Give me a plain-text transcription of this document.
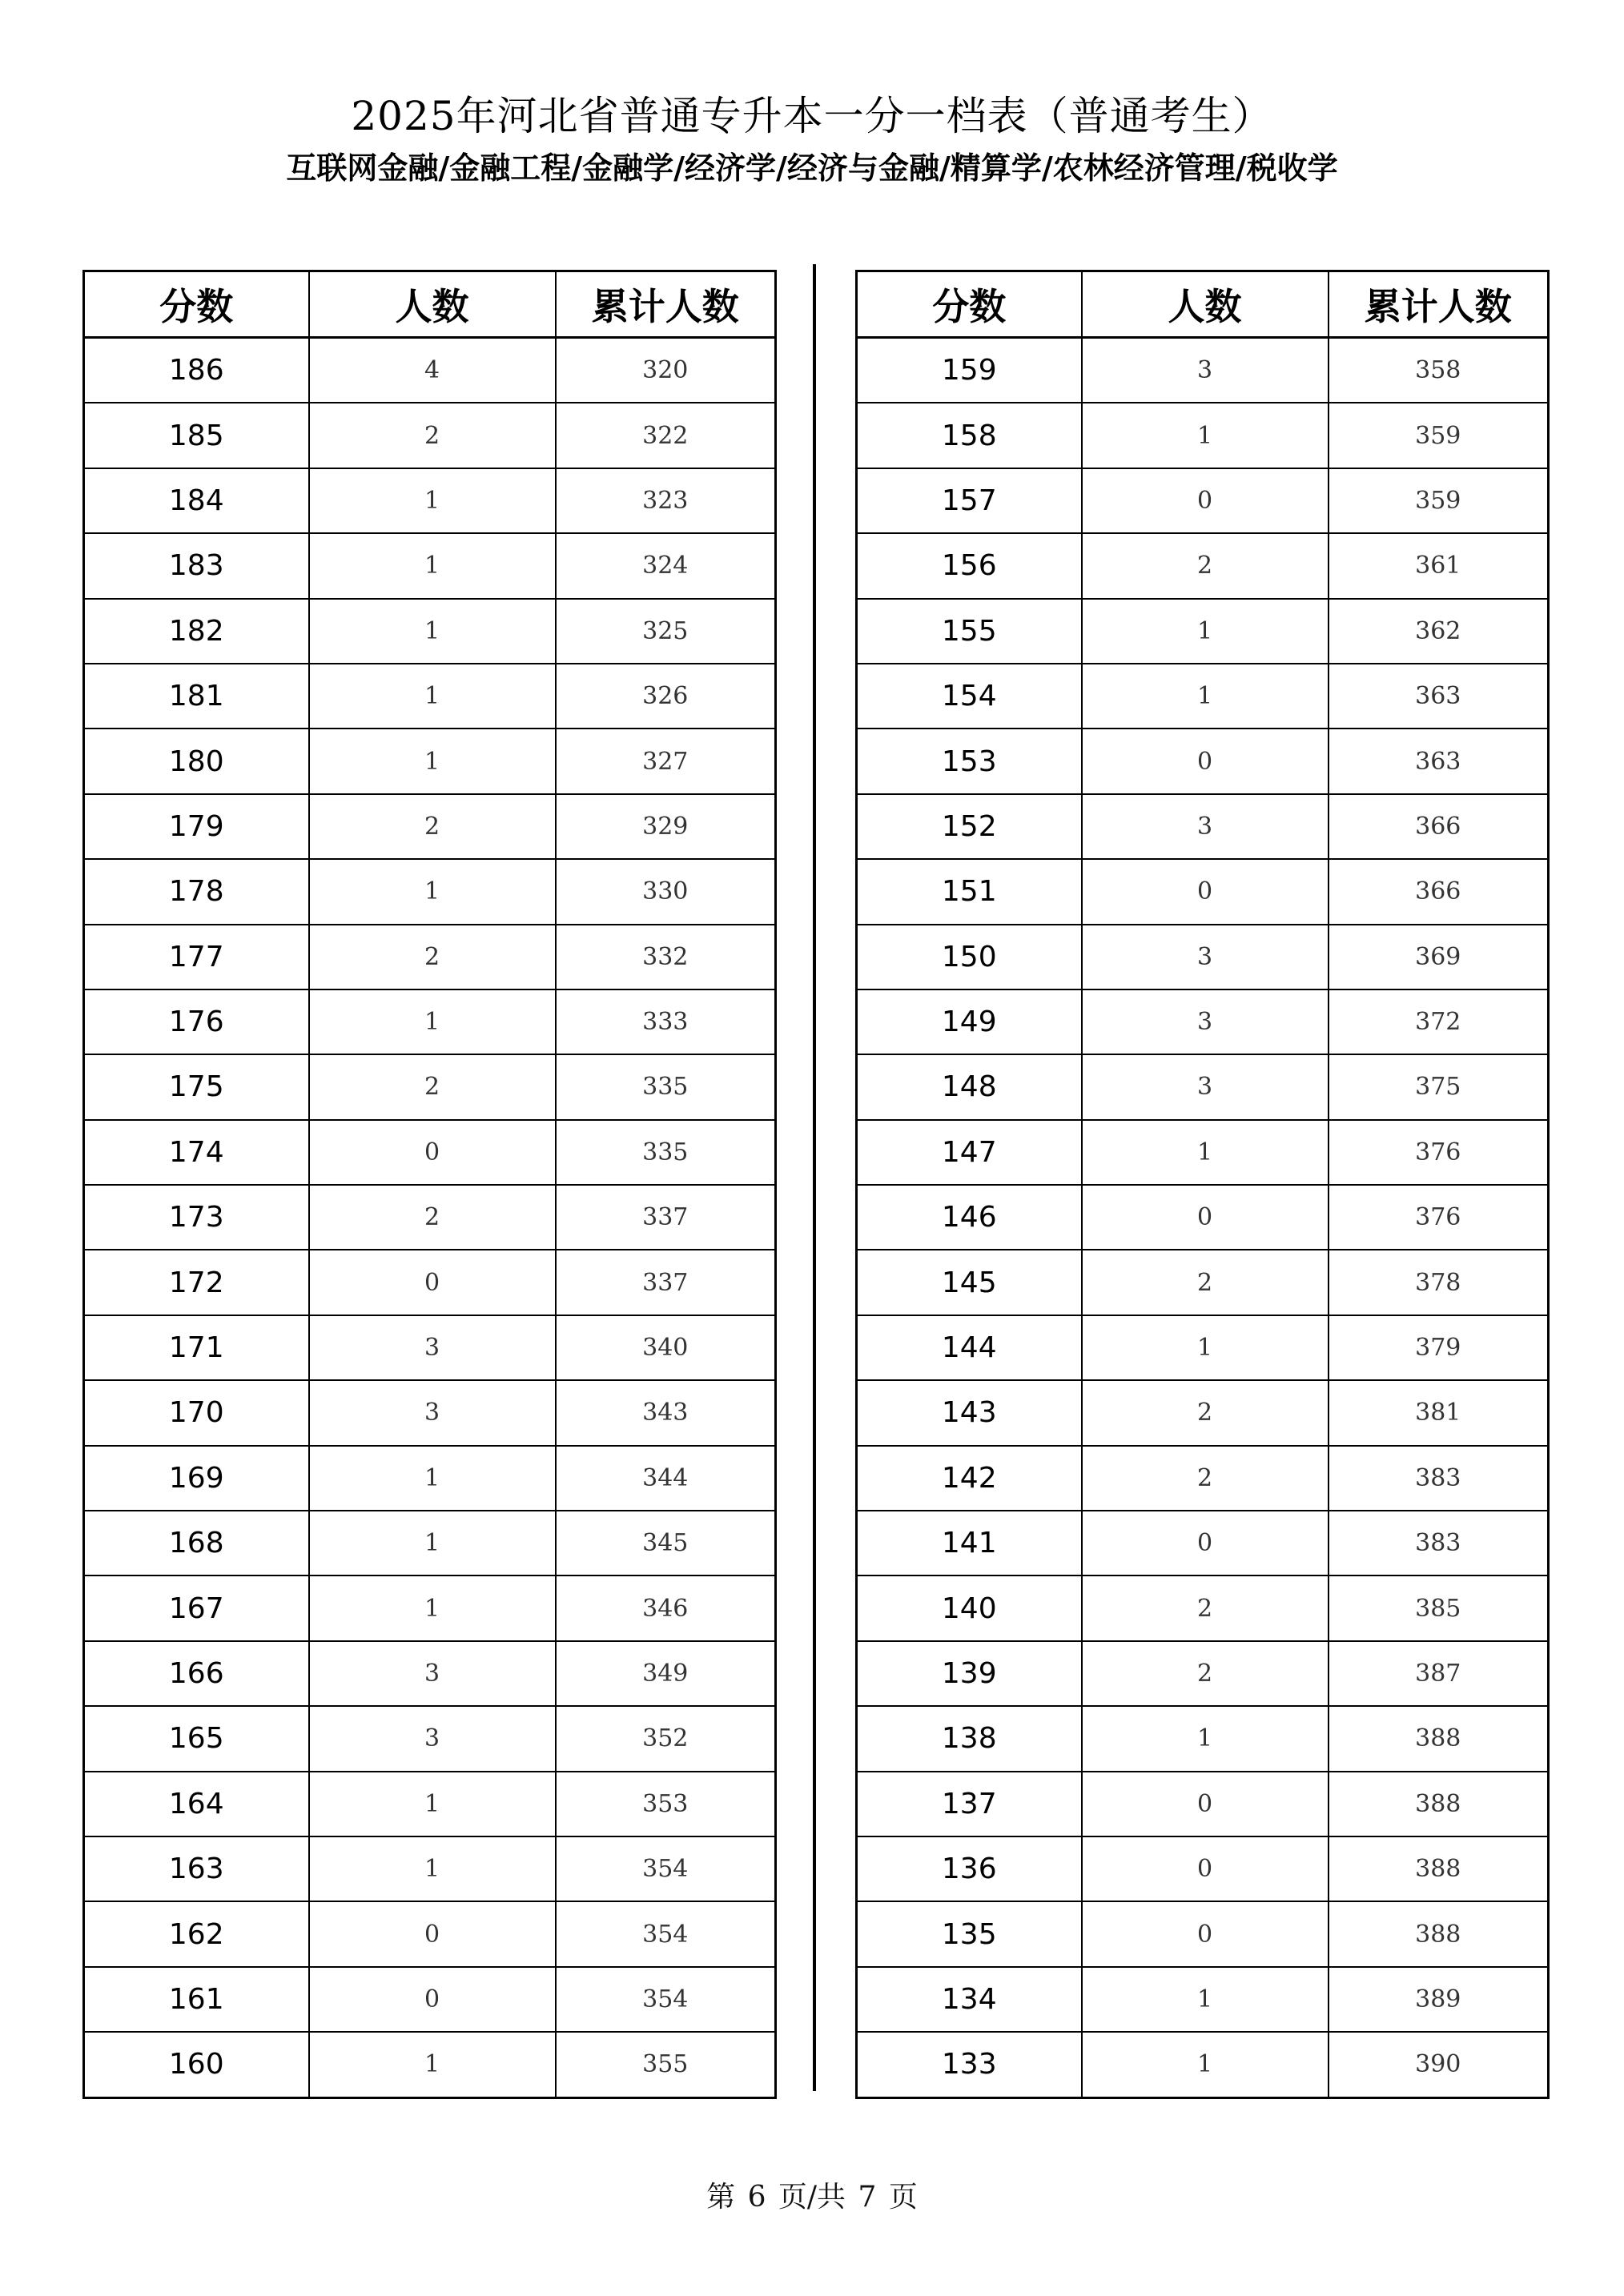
2025年河北省普通专升本一分一档表（普通考生）
互联网金融/金融工程/金融学/经济学/经济与金融/精算学/农林经济管理/税收学
分数	人数	累计人数
186	4	320
185	2	322
184	1	323
183	1	324
182	1	325
181	1	326
180	1	327
179	2	329
178	1	330
177	2	332
176	1	333
175	2	335
174	0	335
173	2	337
172	0	337
171	3	340
170	3	343
169	1	344
168	1	345
167	1	346
166	3	349
165	3	352
164	1	353
163	1	354
162	0	354
161	0	354
160	1	355
分数	人数	累计人数
159	3	358
158	1	359
157	0	359
156	2	361
155	1	362
154	1	363
153	0	363
152	3	366
151	0	366
150	3	369
149	3	372
148	3	375
147	1	376
146	0	376
145	2	378
144	1	379
143	2	381
142	2	383
141	0	383
140	2	385
139	2	387
138	1	388
137	0	388
136	0	388
135	0	388
134	1	389
133	1	390
第 6 页/共 7 页
